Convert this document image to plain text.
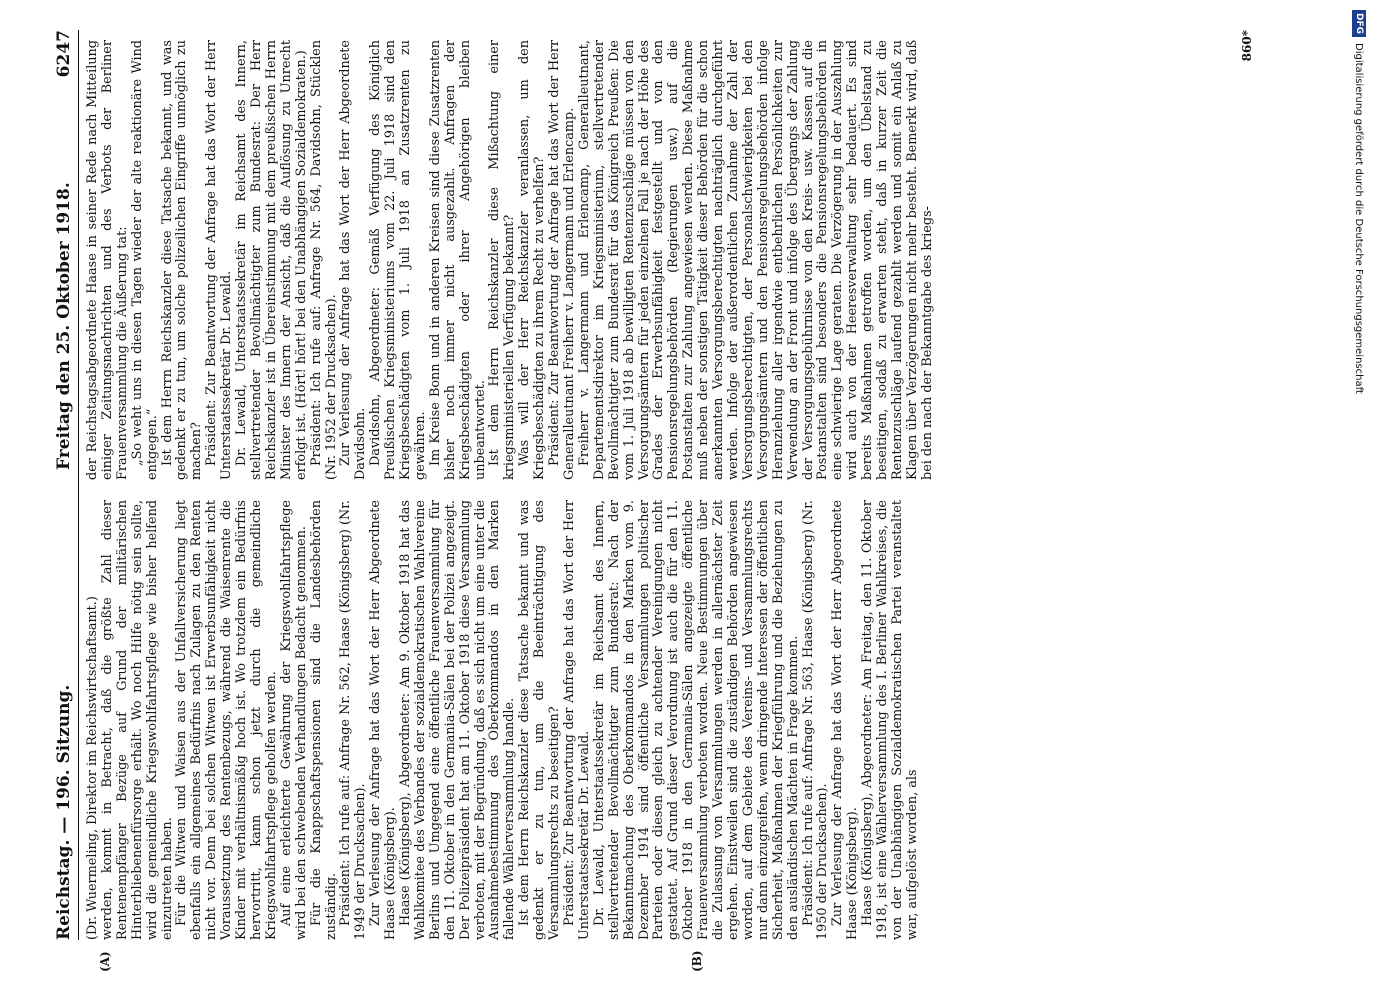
Reichstag. — 196. Sitzung.
Freitag den 25. Oktober 1918.
6247
(A)	(B)

(Dr. Wuermeling, Direktor im Reichswirtschaftsamt.) werden, kommt in Betracht, daß die größte Zahl dieser Rentenempfänger Bezüge auf Grund der militärischen Hinterbliebenenfürsorge erhält. Wo noch Hilfe nötig sein sollte, wird die gemeindliche Kriegswohlfahrtspflege wie bisher helfend einzutreten haben. Für die Witwen und Waisen aus der Unfallversicherung liegt ebenfalls ein allgemeines Bedürfnis nach Zulagen zu den Renten nicht vor. Denn bei solchen Witwen ist Erwerbsunfähigkeit nicht Voraussetzung des Rentenbezugs, während die Waisenrente die Kinder mit verhältnismäßig hoch ist. Wo trotzdem ein Bedürfnis hervortritt, kann schon jetzt durch die gemeindliche Kriegswohlfahrtspflege geholfen werden. Auf eine erleichterte Gewährung der Kriegswohlfahrtspflege wird bei den schwebenden Verhandlungen Bedacht genommen. Für die Knappschaftspensionen sind die Landesbehörden zuständig. Präsident: Ich rufe auf: Anfrage Nr. 562, Haase (Königsberg) (Nr. 1949 der Drucksachen). Zur Verlesung der Anfrage hat das Wort der Herr Abgeordnete Haase (Königsberg). Haase (Königsberg), Abgeordneter: Am 9. Oktober 1918 hat das Wahlkomitee des Verbandes der sozialdemokratischen Wahlvereine Berlins und Umgegend eine öffentliche Frauenversammlung für den 11. Oktober in den Germania-Sälen bei der Polizei angezeigt. Der Polizeipräsident hat am 11. Oktober 1918 diese Versammlung verboten, mit der Begründung, daß es sich nicht um eine unter die Ausnahmebestimmung des Oberkommandos in den Marken fallende Wählerversammlung handle. Ist dem Herrn Reichskanzler diese Tatsache bekannt und was gedenkt er zu tun, um die Beeinträchtigung des Versammlungsrechts zu beseitigen? Präsident: Zur Beantwortung der Anfrage hat das Wort der Herr Unterstaatssekretär Dr. Lewald. Dr. Lewald, Unterstaatssekretär im Reichsamt des Innern, stellvertretender Bevollmächtigter zum Bundesrat: Nach der Bekanntmachung des Oberkommandos in den Marken vom 9. Dezember 1914 sind öffentliche Versammlungen politischer Parteien oder diesen gleich zu achtender Vereinigungen nicht gestattet. Auf Grund dieser Verordnung ist auch die für den 11. Oktober 1918 in den Germania-Sälen angezeigte öffentliche Frauenversammlung verboten worden. Neue Bestimmungen über die Zulassung von Versammlungen werden in allernächster Zeit ergehen. Einstweilen sind die zuständigen Behörden angewiesen worden, auf dem Gebiete des Vereins- und Versammlungsrechts nur dann einzugreifen, wenn dringende Interessen der öffentlichen Sicherheit, Maßnahmen der Kriegführung und die Beziehungen zu den ausländischen Mächten in Frage kommen. Präsident: Ich rufe auf: Anfrage Nr. 563, Haase (Königsberg) (Nr. 1950 der Drucksachen). Zur Verlesung der Anfrage hat das Wort der Herr Abgeordnete Haase (Königsberg). Haase (Königsberg), Abgeordneter: Am Freitag, den 11. Oktober 1918, ist eine Wählerversammlung des I. Berliner Wahlkreises, die von der Unabhängigen Sozialdemokratischen Partei veranstaltet war, aufgelöst worden, als

der Reichstagsabgeordnete Haase in seiner Rede nach Mitteilung einiger Zeitungsnachrichten und des Verbots der Berliner Frauenversammlung die Äußerung tat: „So weht uns in diesen Tagen wieder der alte reaktionäre Wind entgegen.“ Ist dem Herrn Reichskanzler diese Tatsache bekannt, und was gedenkt er zu tun, um solche polizeilichen Eingriffe unmöglich zu machen? Präsident: Zur Beantwortung der Anfrage hat das Wort der Herr Unterstaatssekretär Dr. Lewald. Dr. Lewald, Unterstaatssekretär im Reichsamt des Innern, stellvertretender Bevollmächtigter zum Bundesrat: Der Herr Reichskanzler ist in Übereinstimmung mit dem preußischen Herrn Minister des Innern der Ansicht, daß die Auflösung zu Unrecht erfolgt ist. (Hört! hört! bei den Unabhängigen Sozialdemokraten.) Präsident: Ich rufe auf: Anfrage Nr. 564, Davidsohn, Stücklen (Nr. 1952 der Drucksachen). Zur Verlesung der Anfrage hat das Wort der Herr Abgeordnete Davidsohn. Davidsohn, Abgeordneter: Gemäß Verfügung des Königlich Preußischen Kriegsministeriums vom 22. Juli 1918 sind den Kriegsbeschädigten vom 1. Juli 1918 an Zusatzrenten zu gewähren. Im Kreise Bonn und in anderen Kreisen sind diese Zusatzrenten bisher noch immer nicht ausgezahlt. Anfragen der Kriegsbeschädigten oder ihrer Angehörigen bleiben unbeantwortet. Ist dem Herrn Reichskanzler diese Mißachtung einer kriegsministeriellen Verfügung bekannt? Was will der Herr Reichskanzler veranlassen, um den Kriegsbeschädigten zu ihrem Recht zu verhelfen? Präsident: Zur Beantwortung der Anfrage hat das Wort der Herr Generalleutnant Freiherr v. Langermann und Erlencamp. Freiherr v. Langermann und Erlencamp, Generalleutnant, Departementsdirektor im Kriegsministerium, stellvertretender Bevollmächtigter zum Bundesrat für das Königreich Preußen: Die vom 1. Juli 1918 ab bewilligten Rentenzuschläge müssen von den Versorgungsämtern für jeden einzelnen Fall je nach der Höhe des Grades der Erwerbsunfähigkeit festgestellt und von den Pensionsregelungsbehörden (Regierungen usw.) auf die Postanstalten zur Zahlung angewiesen werden. Diese Maßnahme muß neben der sonstigen Tätigkeit dieser Behörden für die schon anerkannten Versorgungsberechtigten nachträglich durchgeführt werden. Infolge der außerordentlichen Zunahme der Zahl der Versorgungsberechtigten, der Personalschwierigkeiten bei den Versorgungsämtern und den Pensionsregelungsbehörden infolge Heranziehung aller irgendwie entbehrlichen Persönlichkeiten zur Verwendung an der Front und infolge des Übergangs der Zahlung der Versorgungsgebührnisse von den Kreis- usw. Kassen auf die Postanstalten sind besonders die Pensionsregelungsbehörden in eine schwierige Lage geraten. Die Verzögerung in der Auszahlung wird auch von der Heeresverwaltung sehr bedauert. Es sind bereits Maßnahmen getroffen worden, um den Übelstand zu beseitigen, sodaß zu erwarten steht, daß in kurzer Zeit die Rentenzuschläge laufend gezahlt werden und somit ein Anlaß zu Klagen über Verzögerungen nicht mehr besteht. Bemerkt wird, daß bei den nach der Bekanntgabe des kriegs-

860*
DFGDigitalisierung gefördert durch die Deutsche Forschungsgemeinschaft
